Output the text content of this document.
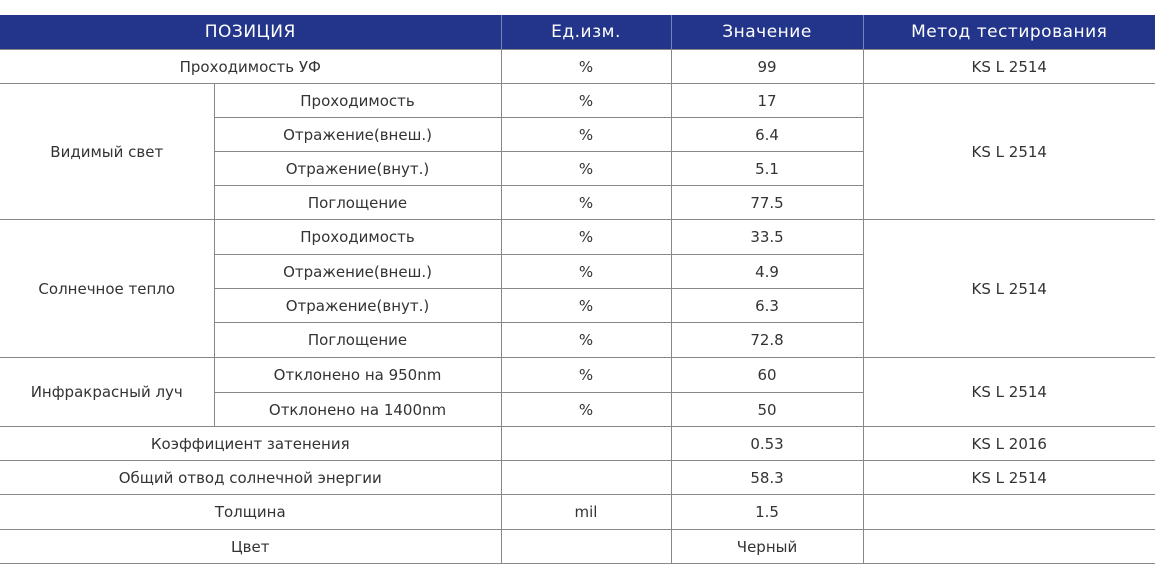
ПОЗИЦИЯ		Ед.изм.	Значение	Метод тестирования
Проходимость УФ		%	99	KS L 2514
Видимый свет	Проходимость	%	17	KS L 2514
	Отражение(внеш.)	%	6.4	
	Отражение(внут.)	%	5.1	
	Поглощение	%	77.5	
Солнечное тепло	Проходимость	%	33.5	KS L 2514
	Отражение(внеш.)	%	4.9	
	Отражение(внут.)	%	6.3	
	Поглощение	%	72.8	
Инфракрасный луч	Отклонено на 950nm	%	60	KS L 2514
	Отклонено на 1400nm	%	50	
Коэффициент затенения			0.53	KS L 2016
Общий отвод солнечной энергии			58.3	KS L 2514
Толщина		mil	1.5	
Цвет			Черный	
